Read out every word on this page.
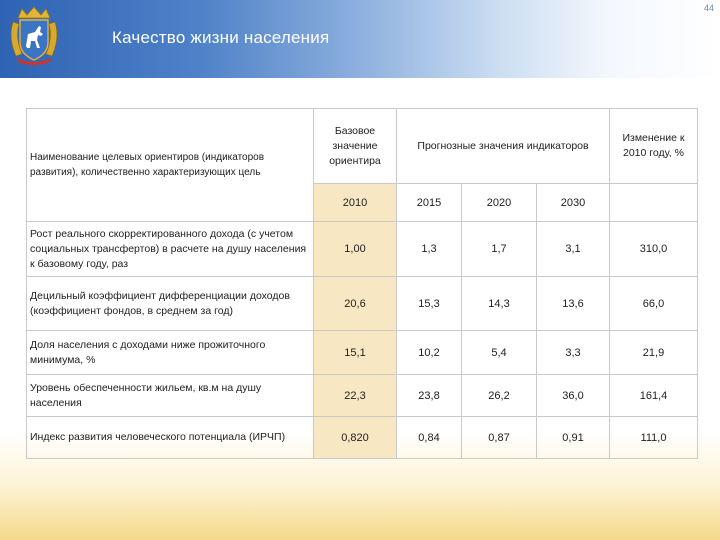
44
Качество жизни населения
Наименование целевых ориентиров (индикаторов развития), количественно характеризующих цель	Базовое значение ориентира	Прогнозные значения индикаторов			Изменение к 2010 году, %
	2010	2015	2020	2030	
Рост реального скорректированного дохода (с учетом социальных трансфертов) в расчете на душу населения к базовому году, раз	1,00	1,3	1,7	3,1	310,0
Децильный коэффициент дифференциации доходов (коэффициент фондов, в среднем за год)	20,6	15,3	14,3	13,6	66,0
Доля населения с доходами ниже прожиточного минимума, %	15,1	10,2	5,4	3,3	21,9
Уровень обеспеченности жильем, кв.м на душу населения	22,3	23,8	26,2	36,0	161,4
Индекс развития человеческого потенциала (ИРЧП)	0,820	0,84	0,87	0,91	111,0
